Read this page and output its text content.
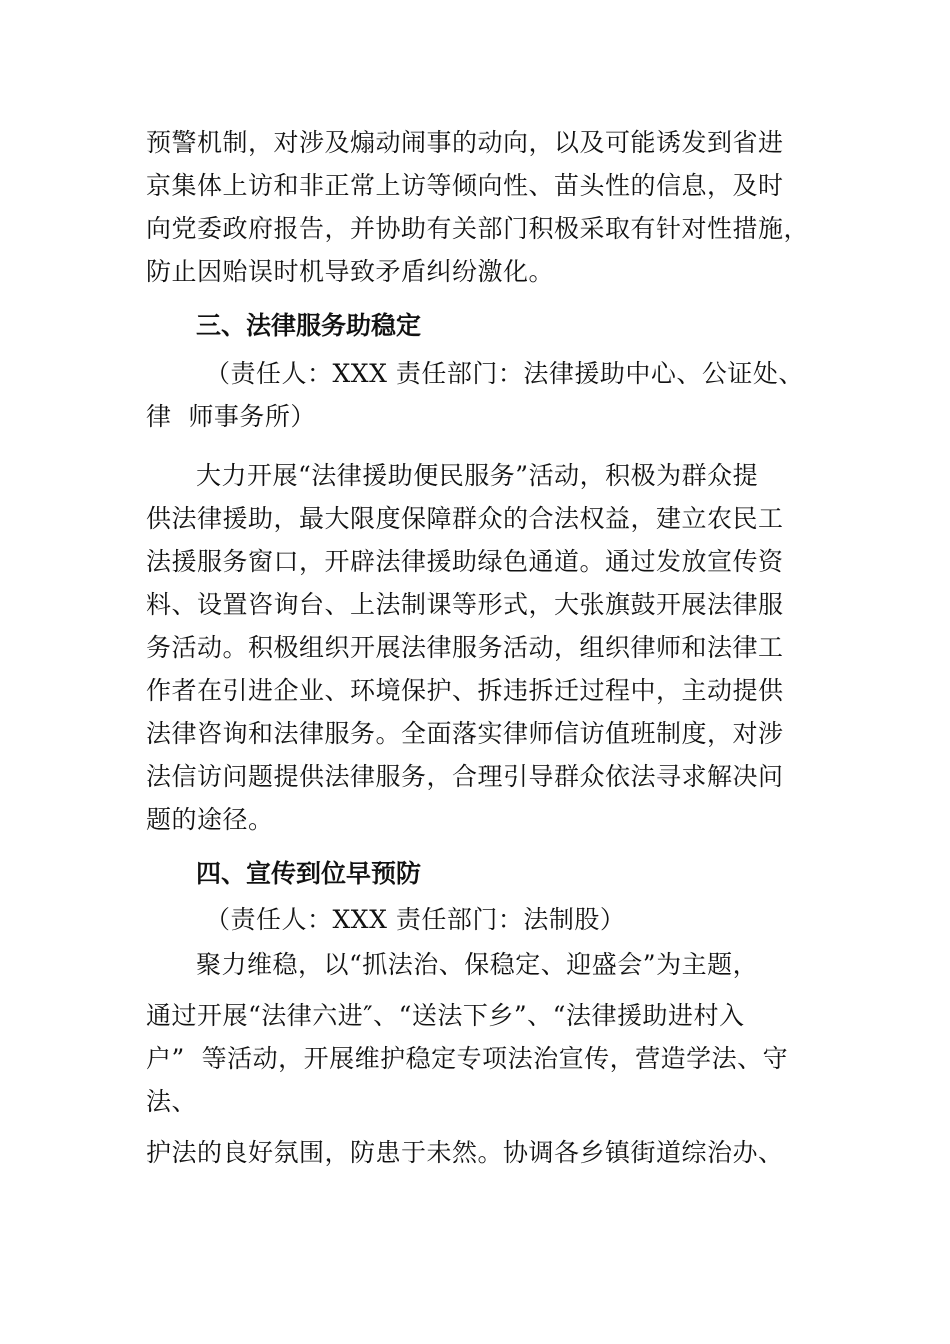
预警机制，对涉及煽动闹事的动向，以及可能诱发到省进
京集体上访和非正常上访等倾向性、苗头性的信息，及时
向党委政府报告，并协助有关部门积极采取有针对性措施，
防止因贻误时机导致矛盾纠纷激化。
三、法律服务助稳定
（责任人：XXX 责任部门：法律援助中心、公证处、
律  师事务所）
大力开展“法律援助便民服务”活动，积极为群众提
供法律援助，最大限度保障群众的合法权益，建立农民工
法援服务窗口，开辟法律援助绿色通道。通过发放宣传资
料、设置咨询台、上法制课等形式，大张旗鼓开展法律服
务活动。积极组织开展法律服务活动，组织律师和法律工
作者在引进企业、环境保护、拆违拆迁过程中，主动提供
法律咨询和法律服务。全面落实律师信访值班制度，对涉
法信访问题提供法律服务，合理引导群众依法寻求解决问
题的途径。
四、宣传到位早预防
（责任人：XXX 责任部门：法制股）
聚力维稳，以“抓法治、保稳定、迎盛会”为主题，
通过开展“法律六进″、“送法下乡”、“法律援助进村入
户”  等活动，开展维护稳定专项法治宣传，营造学法、守
法、
护法的良好氛围，防患于未然。协调各乡镇街道综治办、
